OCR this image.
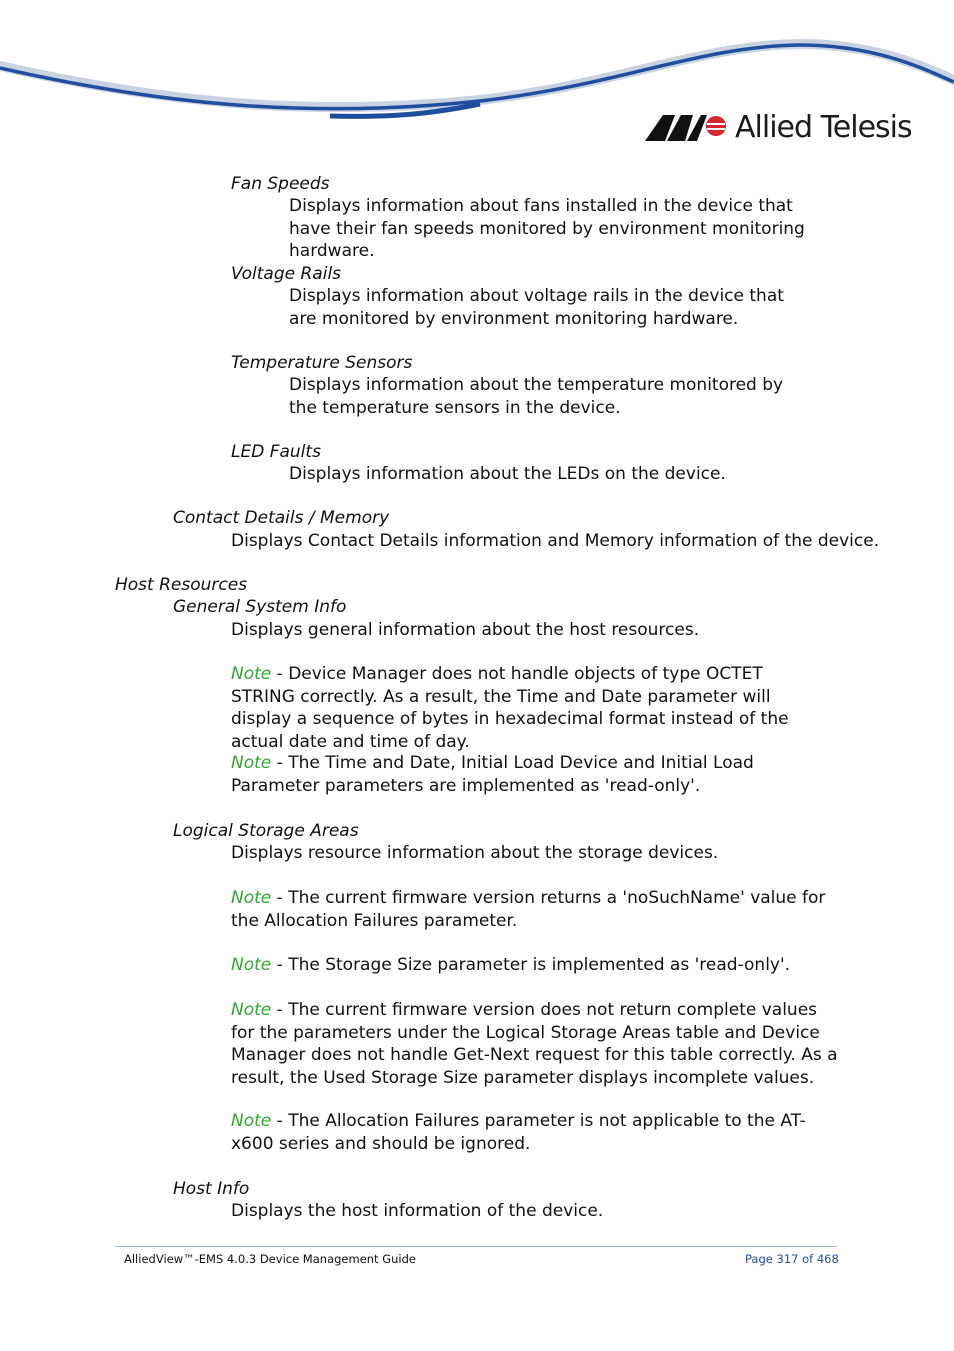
Allied Telesis
Fan Speeds
Displays information about fans installed in the device that have their fan speeds monitored by environment monitoring hardware.
Voltage Rails
Displays information about voltage rails in the device that are monitored by environment monitoring hardware.
Temperature Sensors
Displays information about the temperature monitored by the temperature sensors in the device.
LED Faults
Displays information about the LEDs on the device.
Contact Details / Memory
Displays Contact Details information and Memory information of the device.
Host Resources
General System Info
Displays general information about the host resources.
Note - Device Manager does not handle objects of type OCTET STRING correctly. As a result, the Time and Date parameter will display a sequence of bytes in hexadecimal format instead of the actual date and time of day.
Note - The Time and Date, Initial Load Device and Initial Load Parameter parameters are implemented as 'read-only'.
Logical Storage Areas
Displays resource information about the storage devices.
Note - The current firmware version returns a 'noSuchName' value for the Allocation Failures parameter.
Note - The Storage Size parameter is implemented as 'read-only'.
Note - The current firmware version does not return complete values for the parameters under the Logical Storage Areas table and Device Manager does not handle Get-Next request for this table correctly. As a result, the Used Storage Size parameter displays incomplete values.
Note - The Allocation Failures parameter is not applicable to the AT-x600 series and should be ignored.
Host Info
Displays the host information of the device.
AlliedView™-EMS 4.0.3 Device Management Guide	Page 317 of 468
